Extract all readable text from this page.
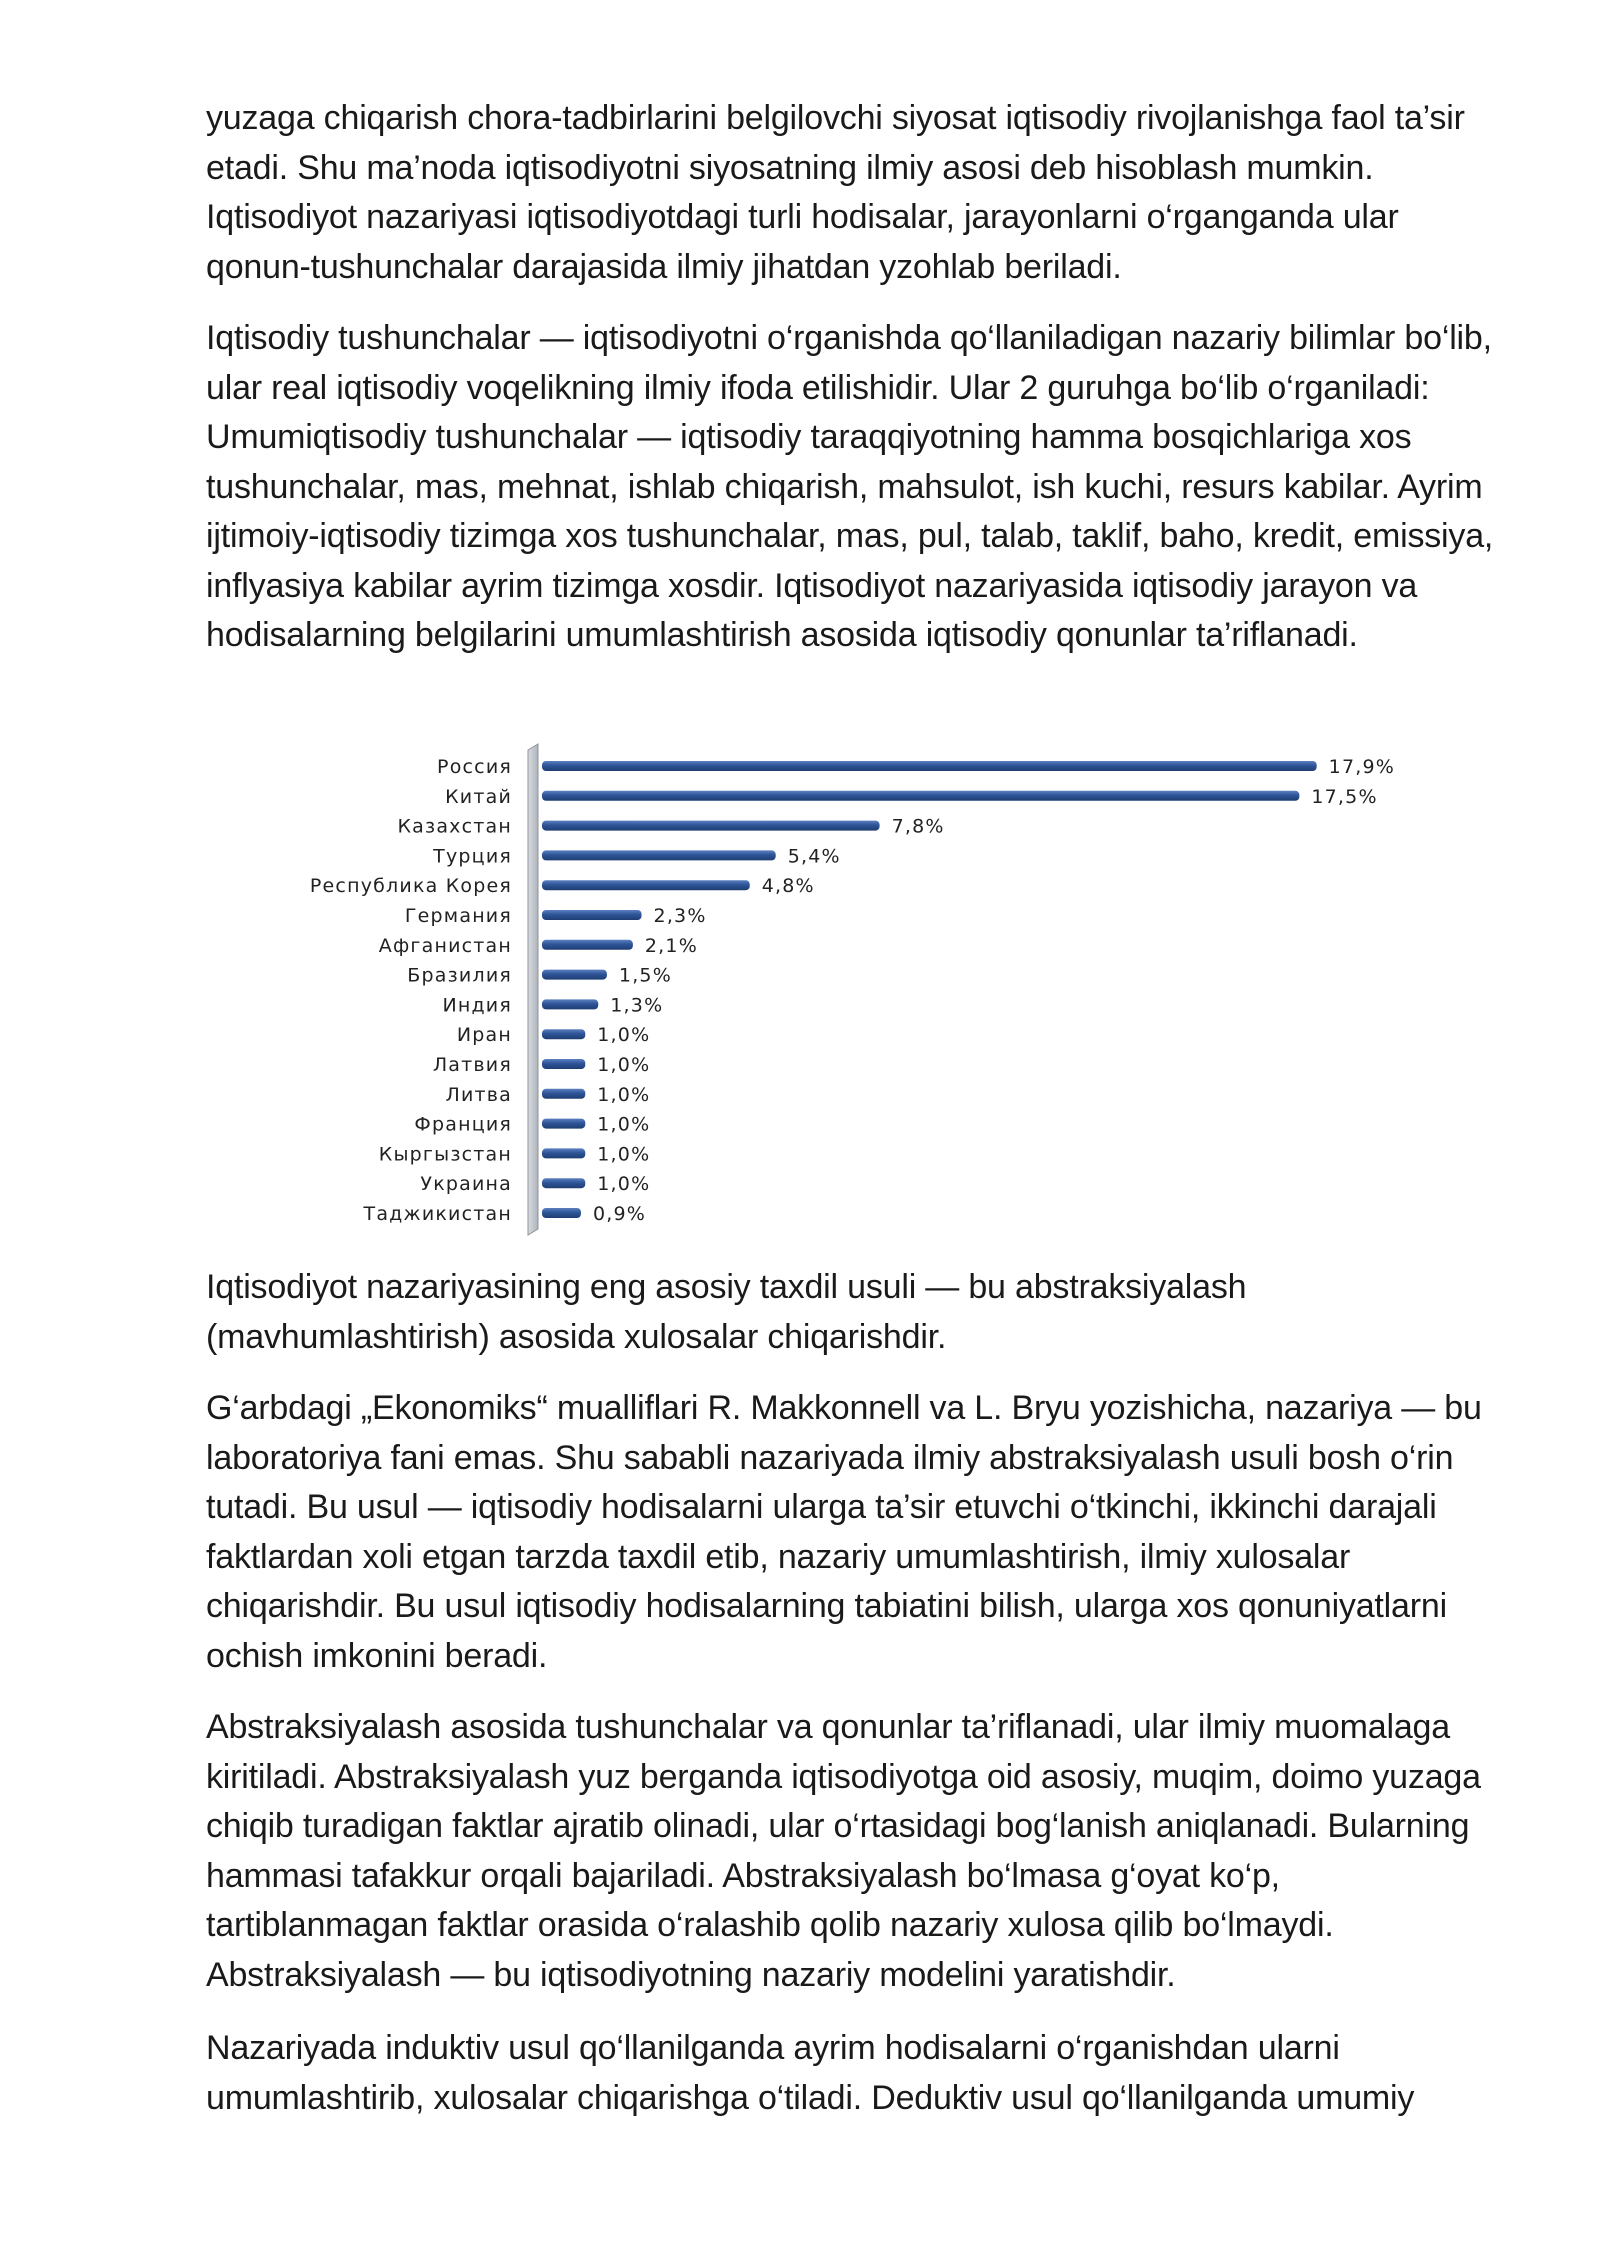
yuzaga chiqarish chora-tadbirlarini belgilovchi siyosat iqtisodiy rivojlanishga faol ta’sir etadi. Shu ma’noda iqtisodiyotni siyosatning ilmiy asosi deb hisoblash mumkin. Iqtisodiyot nazariyasi iqtisodiyotdagi turli hodisalar, jarayonlarni o‘rganganda ular qonun-tushunchalar darajasida ilmiy jihatdan yzohlab beriladi.

Iqtisodiy tushunchalar — iqtisodiyotni o‘rganishda qo‘llaniladigan nazariy bilimlar bo‘lib, ular real iqtisodiy voqelikning ilmiy ifoda etilishidir. Ular 2 guruhga bo‘lib o‘rganiladi: Umumiqtisodiy tushunchalar — iqtisodiy taraqqiyotning hamma bosqichlariga xos tushunchalar, mas, mehnat, ishlab chiqarish, mahsulot, ish kuchi, resurs kabilar. Ayrim ijtimoiy-iqtisodiy tizimga xos tushunchalar, mas, pul, talab, taklif, baho, kredit, emissiya, inflyasiya kabilar ayrim tizimga xosdir. Iqtisodiyot nazariyasida iqtisodiy jarayon va hodisalarning belgilarini umumlashtirish asosida iqtisodiy qonunlar ta’riflanadi.

Россия	17,9%
Китай	17,5%
Казахстан	7,8%
Турция	5,4%
Республика Корея	4,8%
Германия	2,3%
Афганистан	2,1%
Бразилия	1,5%
Индия	1,3%
Иран	1,0%
Латвия	1,0%
Литва	1,0%
Франция	1,0%
Кыргызстан	1,0%
Украина	1,0%
Таджикистан	0,9%

Iqtisodiyot nazariyasining eng asosiy taxdil usuli — bu abstraksiyalash (mavhumlashtirish) asosida xulosalar chiqarishdir.

G‘arbdagi „Ekonomiks“ mualliflari R. Makkonnell va L. Bryu yozishicha, nazariya — bu laboratoriya fani emas. Shu sababli nazariyada ilmiy abstraksiyalash usuli bosh o‘rin tutadi. Bu usul — iqtisodiy hodisalarni ularga ta’sir etuvchi o‘tkinchi, ikkinchi darajali faktlardan xoli etgan tarzda taxdil etib, nazariy umumlashtirish, ilmiy xulosalar chiqarishdir. Bu usul iqtisodiy hodisalarning tabiatini bilish, ularga xos qonuniyatlarni ochish imkonini beradi.

Abstraksiyalash asosida tushunchalar va qonunlar ta’riflanadi, ular ilmiy muomalaga kiritiladi. Abstraksiyalash yuz berganda iqtisodiyotga oid asosiy, muqim, doimo yuzaga chiqib turadigan faktlar ajratib olinadi, ular o‘rtasidagi bog‘lanish aniqlanadi. Bularning hammasi tafakkur orqali bajariladi. Abstraksiyalash bo‘lmasa g‘oyat ko‘p, tartiblanmagan faktlar orasida o‘ralashib qolib nazariy xulosa qilib bo‘lmaydi. Abstraksiyalash — bu iqtisodiyotning nazariy modelini yaratishdir.

Nazariyada induktiv usul qo‘llanilganda ayrim hodisalarni o‘rganishdan ularni umumlashtirib, xulosalar chiqarishga o‘tiladi. Deduktiv usul qo‘llanilganda umumiy
